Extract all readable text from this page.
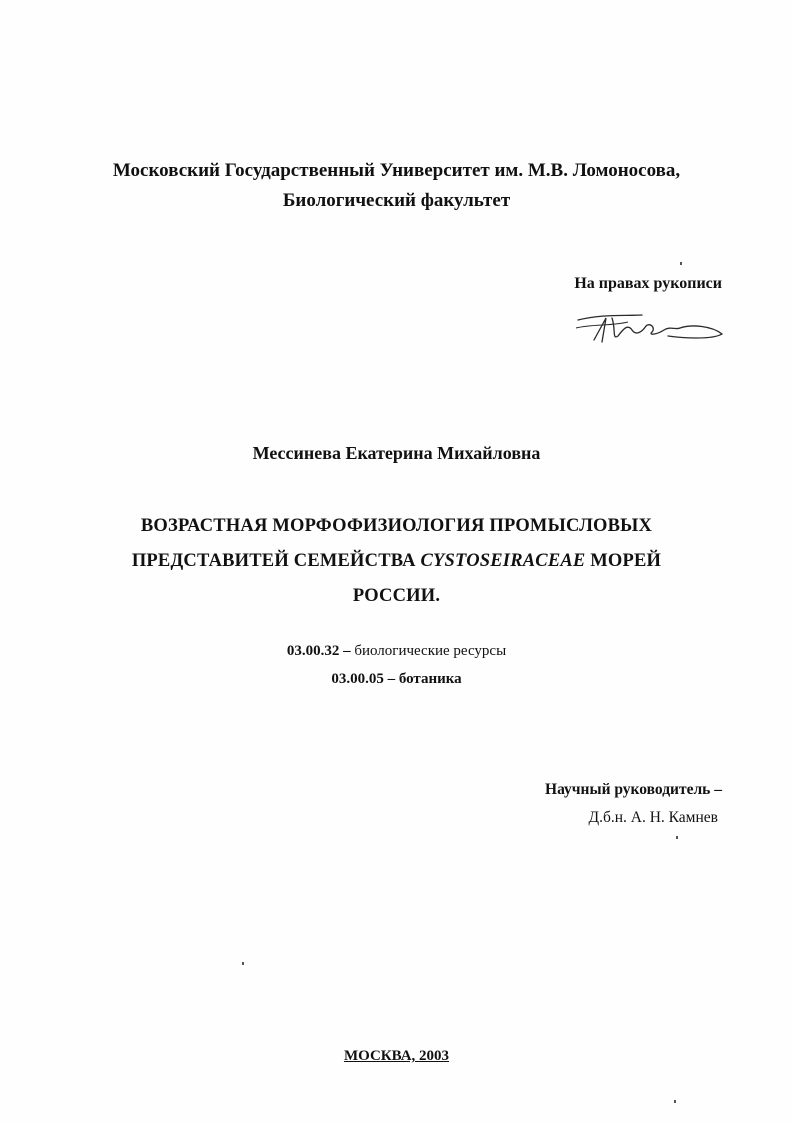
Московский Государственный Университет им. М.В. Ломоносова,
Биологический факультет
На правах рукописи
Мессинева Екатерина Михайловна
ВОЗРАСТНАЯ МОРФОФИЗИОЛОГИЯ ПРОМЫСЛОВЫХ
ПРЕДСТАВИТЕЙ СЕМЕЙСТВА CYSTOSEIRACEAE МОРЕЙ
РОССИИ.
03.00.32 – биологические ресурсы
03.00.05 – ботаника
Научный руководитель –
Д.б.н. А. Н. Камнев
МОСКВА, 2003
